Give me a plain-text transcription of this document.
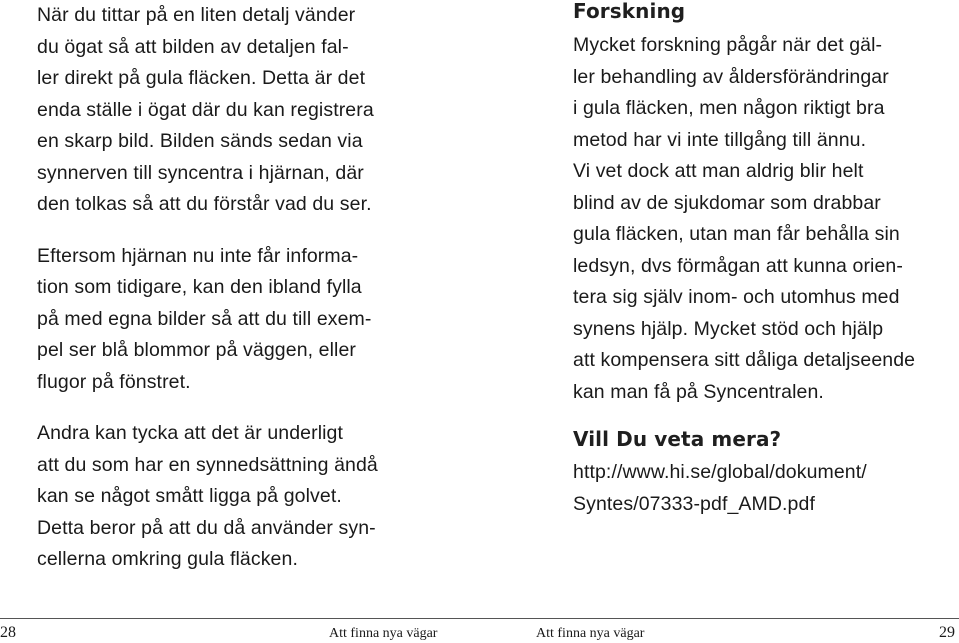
När du tittar på en liten detalj vänder
du ögat så att bilden av detaljen fal-
ler direkt på gula fläcken. Detta är det
enda ställe i ögat där du kan registrera
en skarp bild. Bilden sänds sedan via
synnerven till syncentra i hjärnan, där
den tolkas så att du förstår vad du ser.

Eftersom hjärnan nu inte får informa-
tion som tidigare, kan den ibland fylla
på med egna bilder så att du till exem-
pel ser blå blommor på väggen, eller
flugor på fönstret.

Andra kan tycka att det är underligt
att du som har en synnedsättning ändå
kan se något smått ligga på golvet.
Detta beror på att du då använder syn-
cellerna omkring gula fläcken.

Forskning

Mycket forskning pågår när det gäl-
ler behandling av åldersförändringar
i gula fläcken, men någon riktigt bra
metod har vi inte tillgång till ännu.
Vi vet dock att man aldrig blir helt
blind av de sjukdomar som drabbar
gula fläcken, utan man får behålla sin
ledsyn, dvs förmågan att kunna orien-
tera sig själv inom- och utomhus med
synens hjälp. Mycket stöd och hjälp
att kompensera sitt dåliga detaljseende
kan man få på Syncentralen.

Vill Du veta mera?

http://www.hi.se/global/dokument/
Syntes/07333-pdf_AMD.pdf

28	Att finna nya vägar	Att finna nya vägar	29
